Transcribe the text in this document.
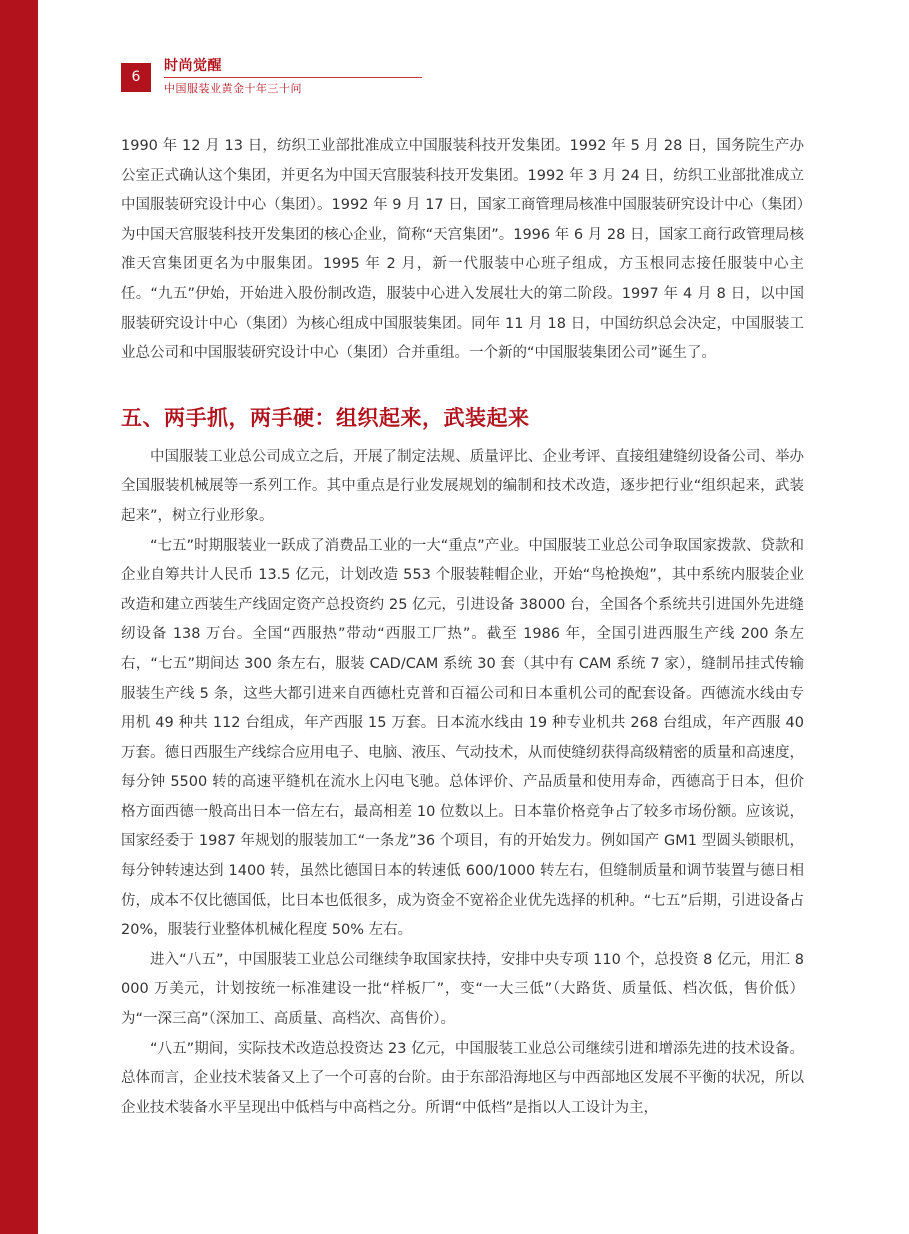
6
时尚觉醒
中国服装业黄金十年三十问

1990 年 12 月 13 日，纺织工业部批准成立中国服装科技开发集团。1992 年 5 月 28 日，国务院生产办公室正式确认这个集团，并更名为中国天宫服装科技开发集团。1992 年 3 月 24 日，纺织工业部批准成立中国服装研究设计中心（集团）。1992 年 9 月 17 日，国家工商管理局核准中国服装研究设计中心（集团）为中国天宫服装科技开发集团的核心企业，简称“天宫集团”。1996 年 6 月 28 日，国家工商行政管理局核准天宫集团更名为中服集团。1995 年 2 月，新一代服装中心班子组成，方玉根同志接任服装中心主任。“九五”伊始，开始进入股份制改造，服装中心进入发展壮大的第二阶段。1997 年 4 月 8 日，以中国服装研究设计中心（集团）为核心组成中国服装集团。同年 11 月 18 日，中国纺织总会决定，中国服装工业总公司和中国服装研究设计中心（集团）合并重组。一个新的“中国服装集团公司”诞生了。

五、两手抓，两手硬：组织起来，武装起来

中国服装工业总公司成立之后，开展了制定法规、质量评比、企业考评、直接组建缝纫设备公司、举办全国服装机械展等一系列工作。其中重点是行业发展规划的编制和技术改造，逐步把行业“组织起来，武装起来”，树立行业形象。

“七五”时期服装业一跃成了消费品工业的一大“重点”产业。中国服装工业总公司争取国家拨款、贷款和企业自筹共计人民币 13.5 亿元，计划改造 553 个服装鞋帽企业，开始“鸟枪换炮”，其中系统内服装企业改造和建立西装生产线固定资产总投资约 25 亿元，引进设备 38000 台，全国各个系统共引进国外先进缝纫设备 138 万台。全国“西服热”带动“西服工厂热”。截至 1986 年，全国引进西服生产线 200 条左右，“七五”期间达 300 条左右，服装 CAD/CAM 系统 30 套（其中有 CAM 系统 7 家），缝制吊挂式传输服装生产线 5 条，这些大都引进来自西德杜克普和百福公司和日本重机公司的配套设备。西德流水线由专用机 49 种共 112 台组成，年产西服 15 万套。日本流水线由 19 种专业机共 268 台组成，年产西服 40 万套。德日西服生产线综合应用电子、电脑、液压、气动技术，从而使缝纫获得高级精密的质量和高速度，每分钟 5500 转的高速平缝机在流水上闪电飞驰。总体评价、产品质量和使用寿命，西德高于日本，但价格方面西德一般高出日本一倍左右，最高相差 10 位数以上。日本靠价格竞争占了较多市场份额。应该说，国家经委于 1987 年规划的服装加工“一条龙”36 个项目，有的开始发力。例如国产 GM1 型圆头锁眼机，每分钟转速达到 1400 转，虽然比德国日本的转速低 600/1000 转左右，但缝制质量和调节装置与德日相仿，成本不仅比德国低，比日本也低很多，成为资金不宽裕企业优先选择的机种。“七五”后期，引进设备占 20%，服装行业整体机械化程度 50% 左右。

进入“八五”，中国服装工业总公司继续争取国家扶持，安排中央专项 110 个，总投资 8 亿元，用汇 8 000 万美元，计划按统一标准建设一批“样板厂”，变“一大三低”（大路货、质量低、档次低，售价低）为“一深三高”（深加工、高质量、高档次、高售价）。

“八五”期间，实际技术改造总投资达 23 亿元，中国服装工业总公司继续引进和增添先进的技术设备。总体而言，企业技术装备又上了一个可喜的台阶。由于东部沿海地区与中西部地区发展不平衡的状况，所以企业技术装备水平呈现出中低档与中高档之分。所谓“中低档”是指以人工设计为主，
